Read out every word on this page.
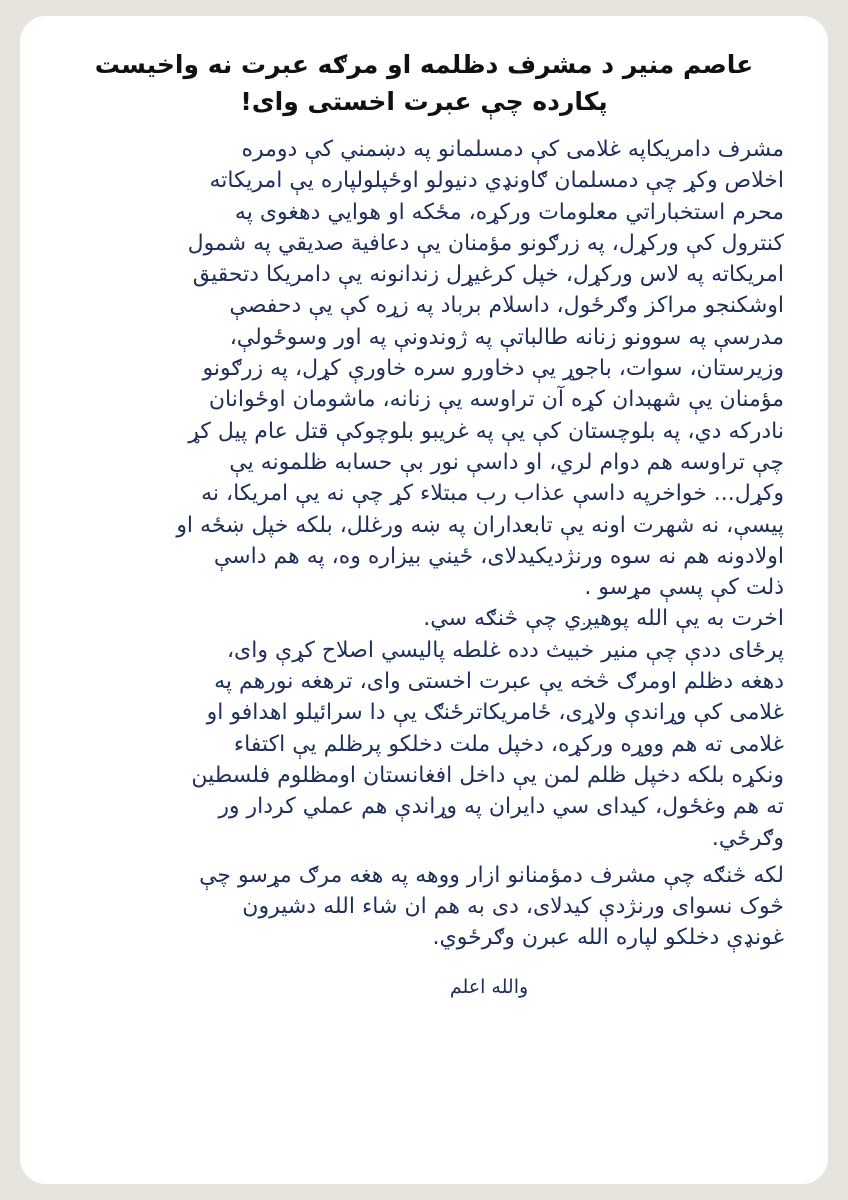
عاصم منير د مشرف دظلمه او مرګه عبرت نه واخیست
پکارده چې عبرت اخستی وای!
مشرف دامریکاپه غلامی کې دمسلمانو په دښمني کې دومره
اخلاص وکړ چې دمسلمان ګاونډي دنیولو اوځپلولپاره یې امریکاته
محرم استخباراتي معلومات ورکړه، مځکه او هوایي دهغوی په
کنترول کې ورکړل، په زرګونو مؤمنان یې دعافیة صدیقي په شمول
امریکاته په لاس ورکړل، خپل کرغیړل زندانونه یې دامریکا دتحقیق
اوشکنجو مراکز وګرځول، داسلام برباد په زړه کې یې دحفصې
مدرسې په سوونو زنانه طالباتې په ژوندونې په اور وسوځولې،
وزیرستان، سوات، باجوړ یې دخاورو سره خاورې کړل، په زرګونو
مؤمنان یې شهبدان کړه آن تراوسه یې زنانه، ماشومان اوځوانان
نادرکه دي، په بلوچستان کې یې په غریبو بلوچوکې قتل عام پیل کړ
چې تراوسه هم دوام لري، او داسې نور بې حسابه ظلمونه یې
وکړل... خواخرپه داسې عذاب رب مبتلاء کړ چې نه یې امریکا، نه
پیسې، نه شهرت اونه یې تابعداران په ښه ورغلل، بلکه خپل ښځه او
اولادونه هم نه سوه ورنژدیکیدلای، ځیني بیزاره وه، په هم داسې
ذلت کې پسې مړسو .
اخرت به یې الله پوهیږي چې څنګه سي.
پرځای ددې چې منیر خبیث دده غلطه پالیسي اصلاح کړې وای،
دهغه دظلم اومرګ څخه یې عبرت اخستی وای، ترهغه نورهم په
غلامی کې وړاندې ولاړی، ځامریکاترځنګ یې دا سرائیلو اهدافو او
غلامی ته هم ووړه ورکړه، دخپل ملت دخلکو پرظلم یې اکتفاء
ونکړه بلکه دخپل ظلم لمن یې داخل افغانستان اومظلوم فلسطین
ته هم وغځول، کیدای سي دایران په وړاندې هم عملي کردار ور
وګرځي.
لکه څنګه چې مشرف دمؤمنانو ازار ووهه په هغه مرګ مړسو چې
څوک نسوای ورنژدې کیدلای، دی به هم ان شاء الله دشیرون
غونډې دخلکو لپاره الله عبرن وګرځوي.
والله اعلم
